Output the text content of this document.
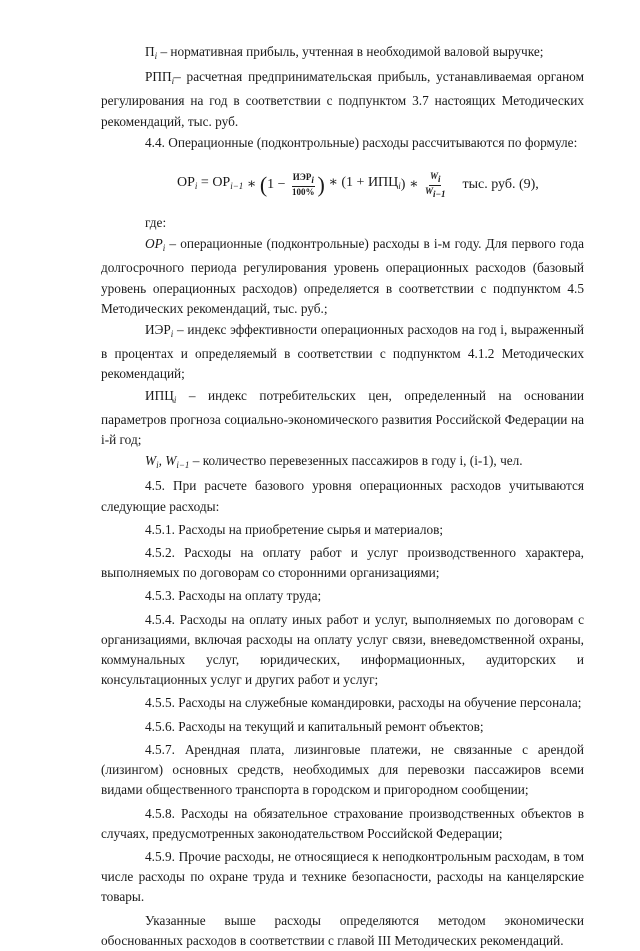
$П_i$ – нормативная прибыль, учтенная в необходимой валовой выручке;

$РПП_i-$ расчетная предпринимательская прибыль, устанавливаемая органом регулирования на год в соответствии с подпунктом 3.7 настоящих Методических рекомендаций, тыс. руб.

4.4. Операционные (подконтрольные) расходы рассчитываются по формуле:

$ОР_i = ОР_{i-1}$ ∗ ( $1 - \frac{\text{ИЭРi}}{100\%}$ ) ∗ ($1 + ИПЦ_i$ ) ∗ $\frac{Wi}{Wi-1}$ тыс. руб. (9),

где:

$OP_i$ – операционные (подконтрольные) расходы в i-м году. Для первого года долгосрочного периода регулирования уровень операционных расходов (базовый уровень операционных расходов) определяется в соответствии с подпунктом 4.5 Методических рекомендаций, тыс. руб.;

$ИЭР_i$ – индекс эффективности операционных расходов на год i, выраженный в процентах и определяемый в соответствии с подпунктом 4.1.2 Методических рекомендаций;

$ИПЦ_i$ – индекс потребительских цен, определенный на основании параметров прогноза социально-экономического развития Российской Федерации на i-й год;

$W_i$, $W_{i-1}$ – количество перевезенных пассажиров в году i, (i-1), чел.

4.5. При расчете базового уровня операционных расходов учитываются следующие расходы:

4.5.1. Расходы на приобретение сырья и материалов;

4.5.2. Расходы на оплату работ и услуг производственного характера, выполняемых по договорам со сторонними организациями;

4.5.3. Расходы на оплату труда;

4.5.4. Расходы на оплату иных работ и услуг, выполняемых по договорам с организациями, включая расходы на оплату услуг связи, вневедомственной охраны, коммунальных услуг, юридических, информационных, аудиторских и консультационных услуг и других работ и услуг;

4.5.5. Расходы на служебные командировки, расходы на обучение персонала;

4.5.6. Расходы на текущий и капитальный ремонт объектов;

4.5.7. Арендная плата, лизинговые платежи, не связанные с арендой (лизингом) основных средств, необходимых для перевозки пассажиров всеми видами общественного транспорта в городском и пригородном сообщении;

4.5.8. Расходы на обязательное страхование производственных объектов в случаях, предусмотренных законодательством Российской Федерации;

4.5.9. Прочие расходы, не относящиеся к неподконтрольным расходам, в том числе расходы по охране труда и технике безопасности, расходы на канцелярские товары.

Указанные выше расходы определяются методом экономически обоснованных расходов в соответствии с главой III Методических рекомендаций.
